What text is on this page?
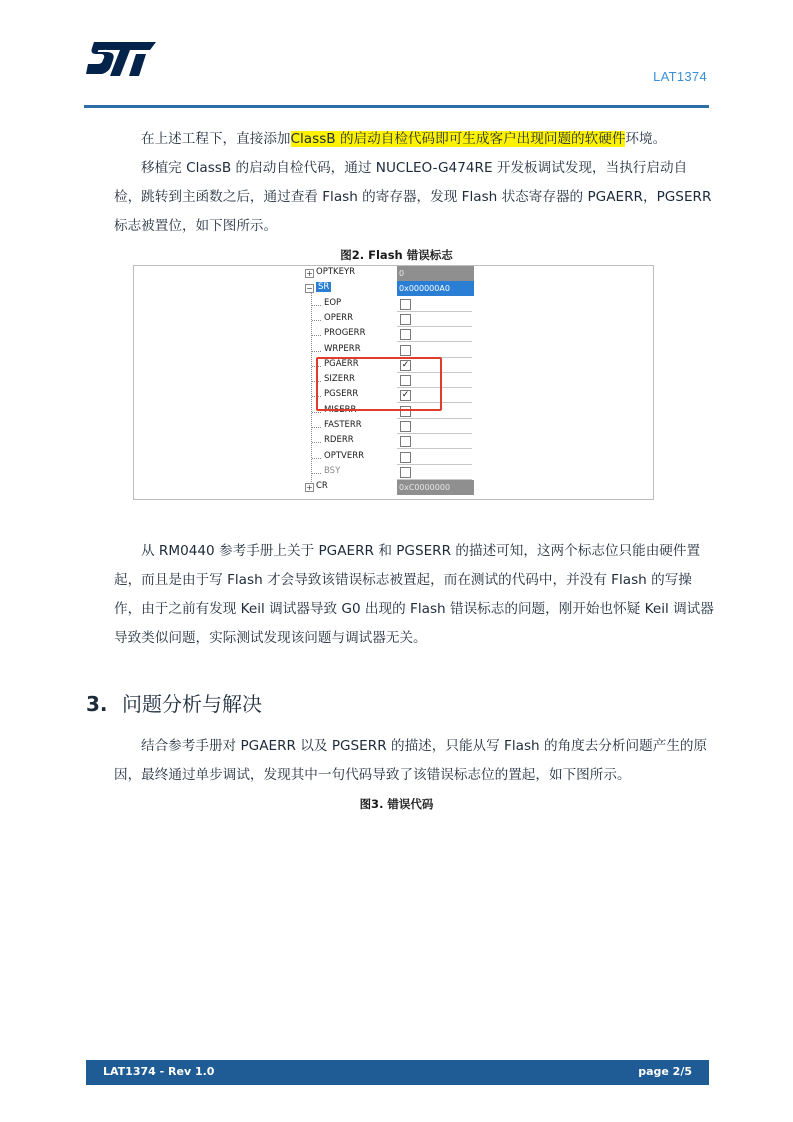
LAT1374

在上述工程下，直接添加ClassB 的启动自检代码即可生成客户出现问题的软硬件环境。

移植完 ClassB 的启动自检代码，通过 NUCLEO-G474RE 开发板调试发现，当执行启动自检，跳转到主函数之后，通过查看 Flash 的寄存器，发现 Flash 状态寄存器的 PGAERR，PGSERR 标志被置位，如下图所示。

图2. Flash 错误标志
+ OPTKEYR	0
− SR	0x000000A0
EOP
OPERR
PROGERR
WRPERR
PGAERR	✓
SIZERR
PGSERR	✓
MISERR
FASTERR
RDERR
OPTVERR
BSY
+ CR	0xC0000000

从 RM0440 参考手册上关于 PGAERR 和 PGSERR 的描述可知，这两个标志位只能由硬件置起，而且是由于写 Flash 才会导致该错误标志被置起，而在测试的代码中，并没有 Flash 的写操作，由于之前有发现 Keil 调试器导致 G0 出现的 Flash 错误标志的问题，刚开始也怀疑 Keil 调试器导致类似问题，实际测试发现该问题与调试器无关。

3. 问题分析与解决

结合参考手册对 PGAERR 以及 PGSERR 的描述，只能从写 Flash 的角度去分析问题产生的原因，最终通过单步调试，发现其中一句代码导致了该错误标志位的置起，如下图所示。

图3. 错误代码
LAT1374 - Rev 1.0	page 2/5
